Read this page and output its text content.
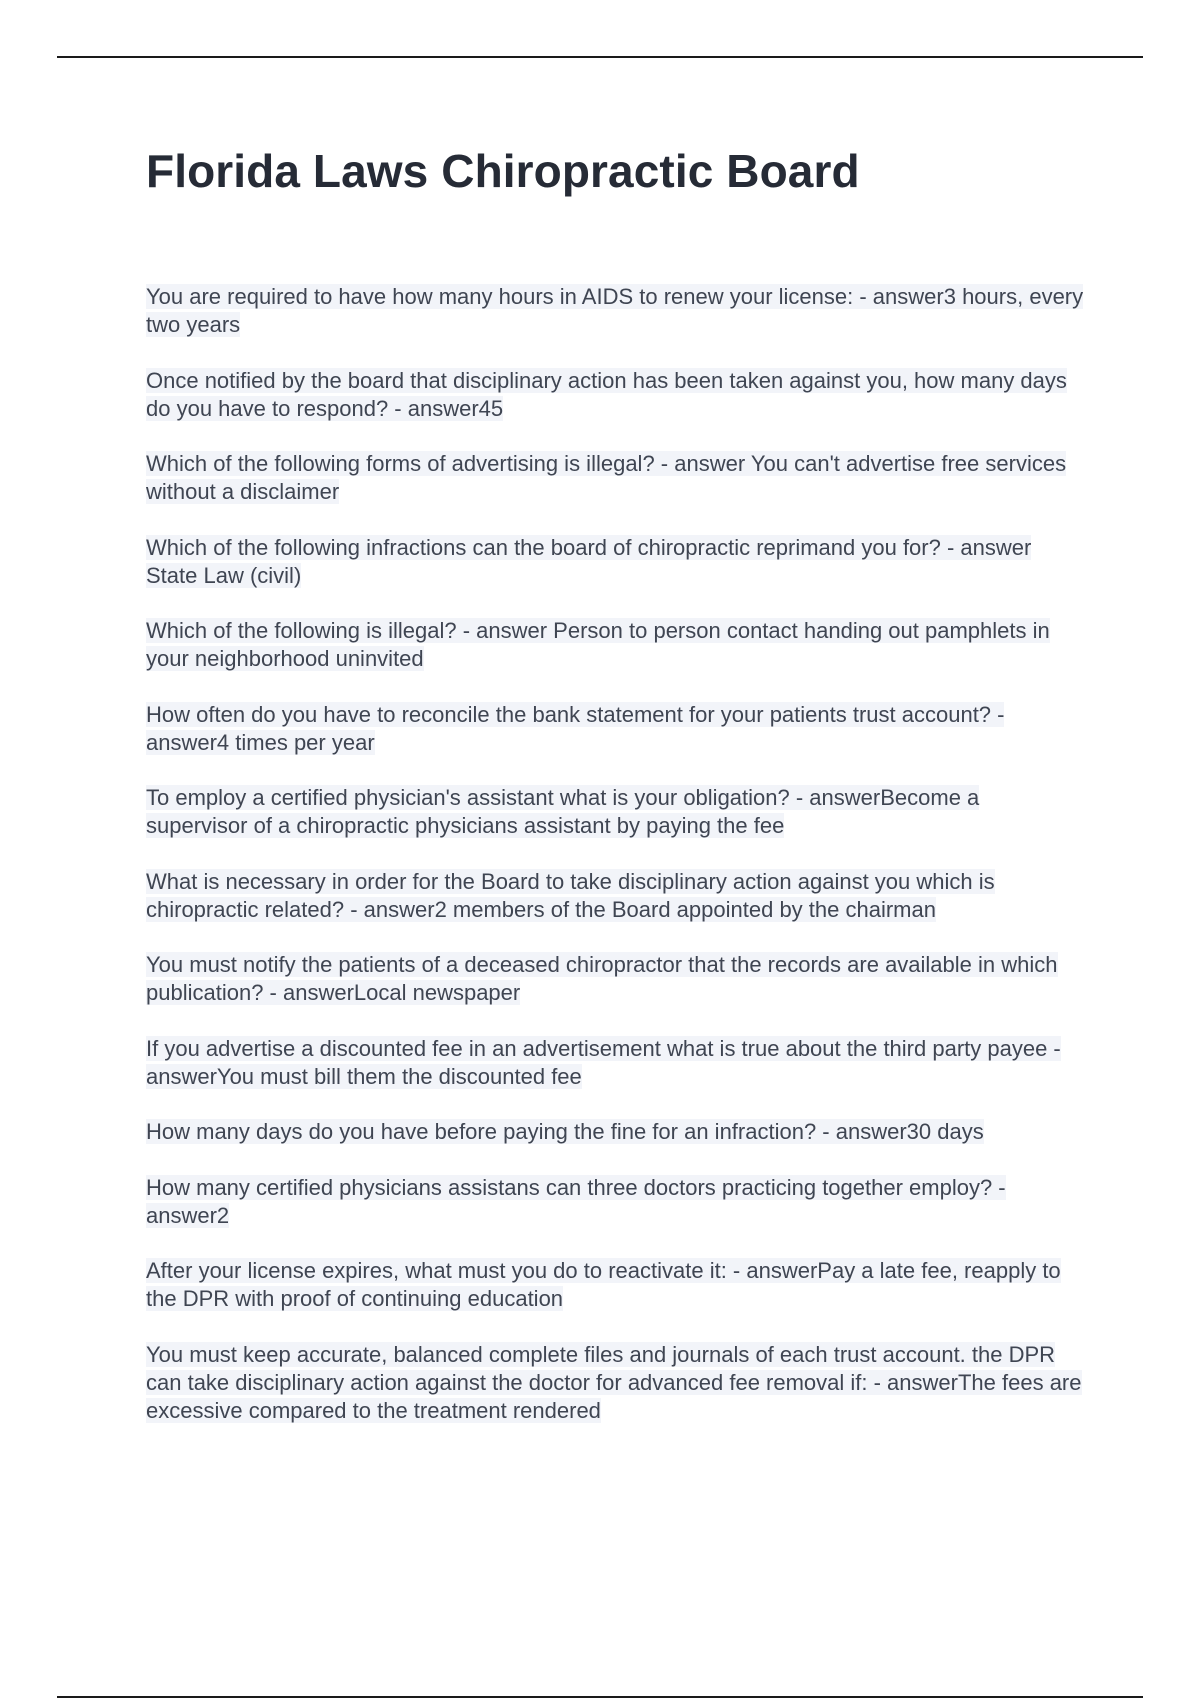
Florida Laws Chiropractic Board
You are required to have how many hours in AIDS to renew your license: - answer3 hours, every two years
Once notified by the board that disciplinary action has been taken against you, how many days do you have to respond? - answer45
Which of the following forms of advertising is illegal? - answer You can't advertise free services without a disclaimer
Which of the following infractions can the board of chiropractic reprimand you for? - answer State Law (civil)
Which of the following is illegal? - answer Person to person contact handing out pamphlets in your neighborhood uninvited
How often do you have to reconcile the bank statement for your patients trust account? - answer4 times per year
To employ a certified physician's assistant what is your obligation? - answerBecome a supervisor of a chiropractic physicians assistant by paying the fee
What is necessary in order for the Board to take disciplinary action against you which is chiropractic related? - answer2 members of the Board appointed by the chairman
You must notify the patients of a deceased chiropractor that the records are available in which publication? - answerLocal newspaper
If you advertise a discounted fee in an advertisement what is true about the third party payee - answerYou must bill them the discounted fee
How many days do you have before paying the fine for an infraction? - answer30 days
How many certified physicians assistans can three doctors practicing together employ? - answer2
After your license expires, what must you do to reactivate it: - answerPay a late fee, reapply to the DPR with proof of continuing education
You must keep accurate, balanced complete files and journals of each trust account. the DPR can take disciplinary action against the doctor for advanced fee removal if: - answerThe fees are excessive compared to the treatment rendered
